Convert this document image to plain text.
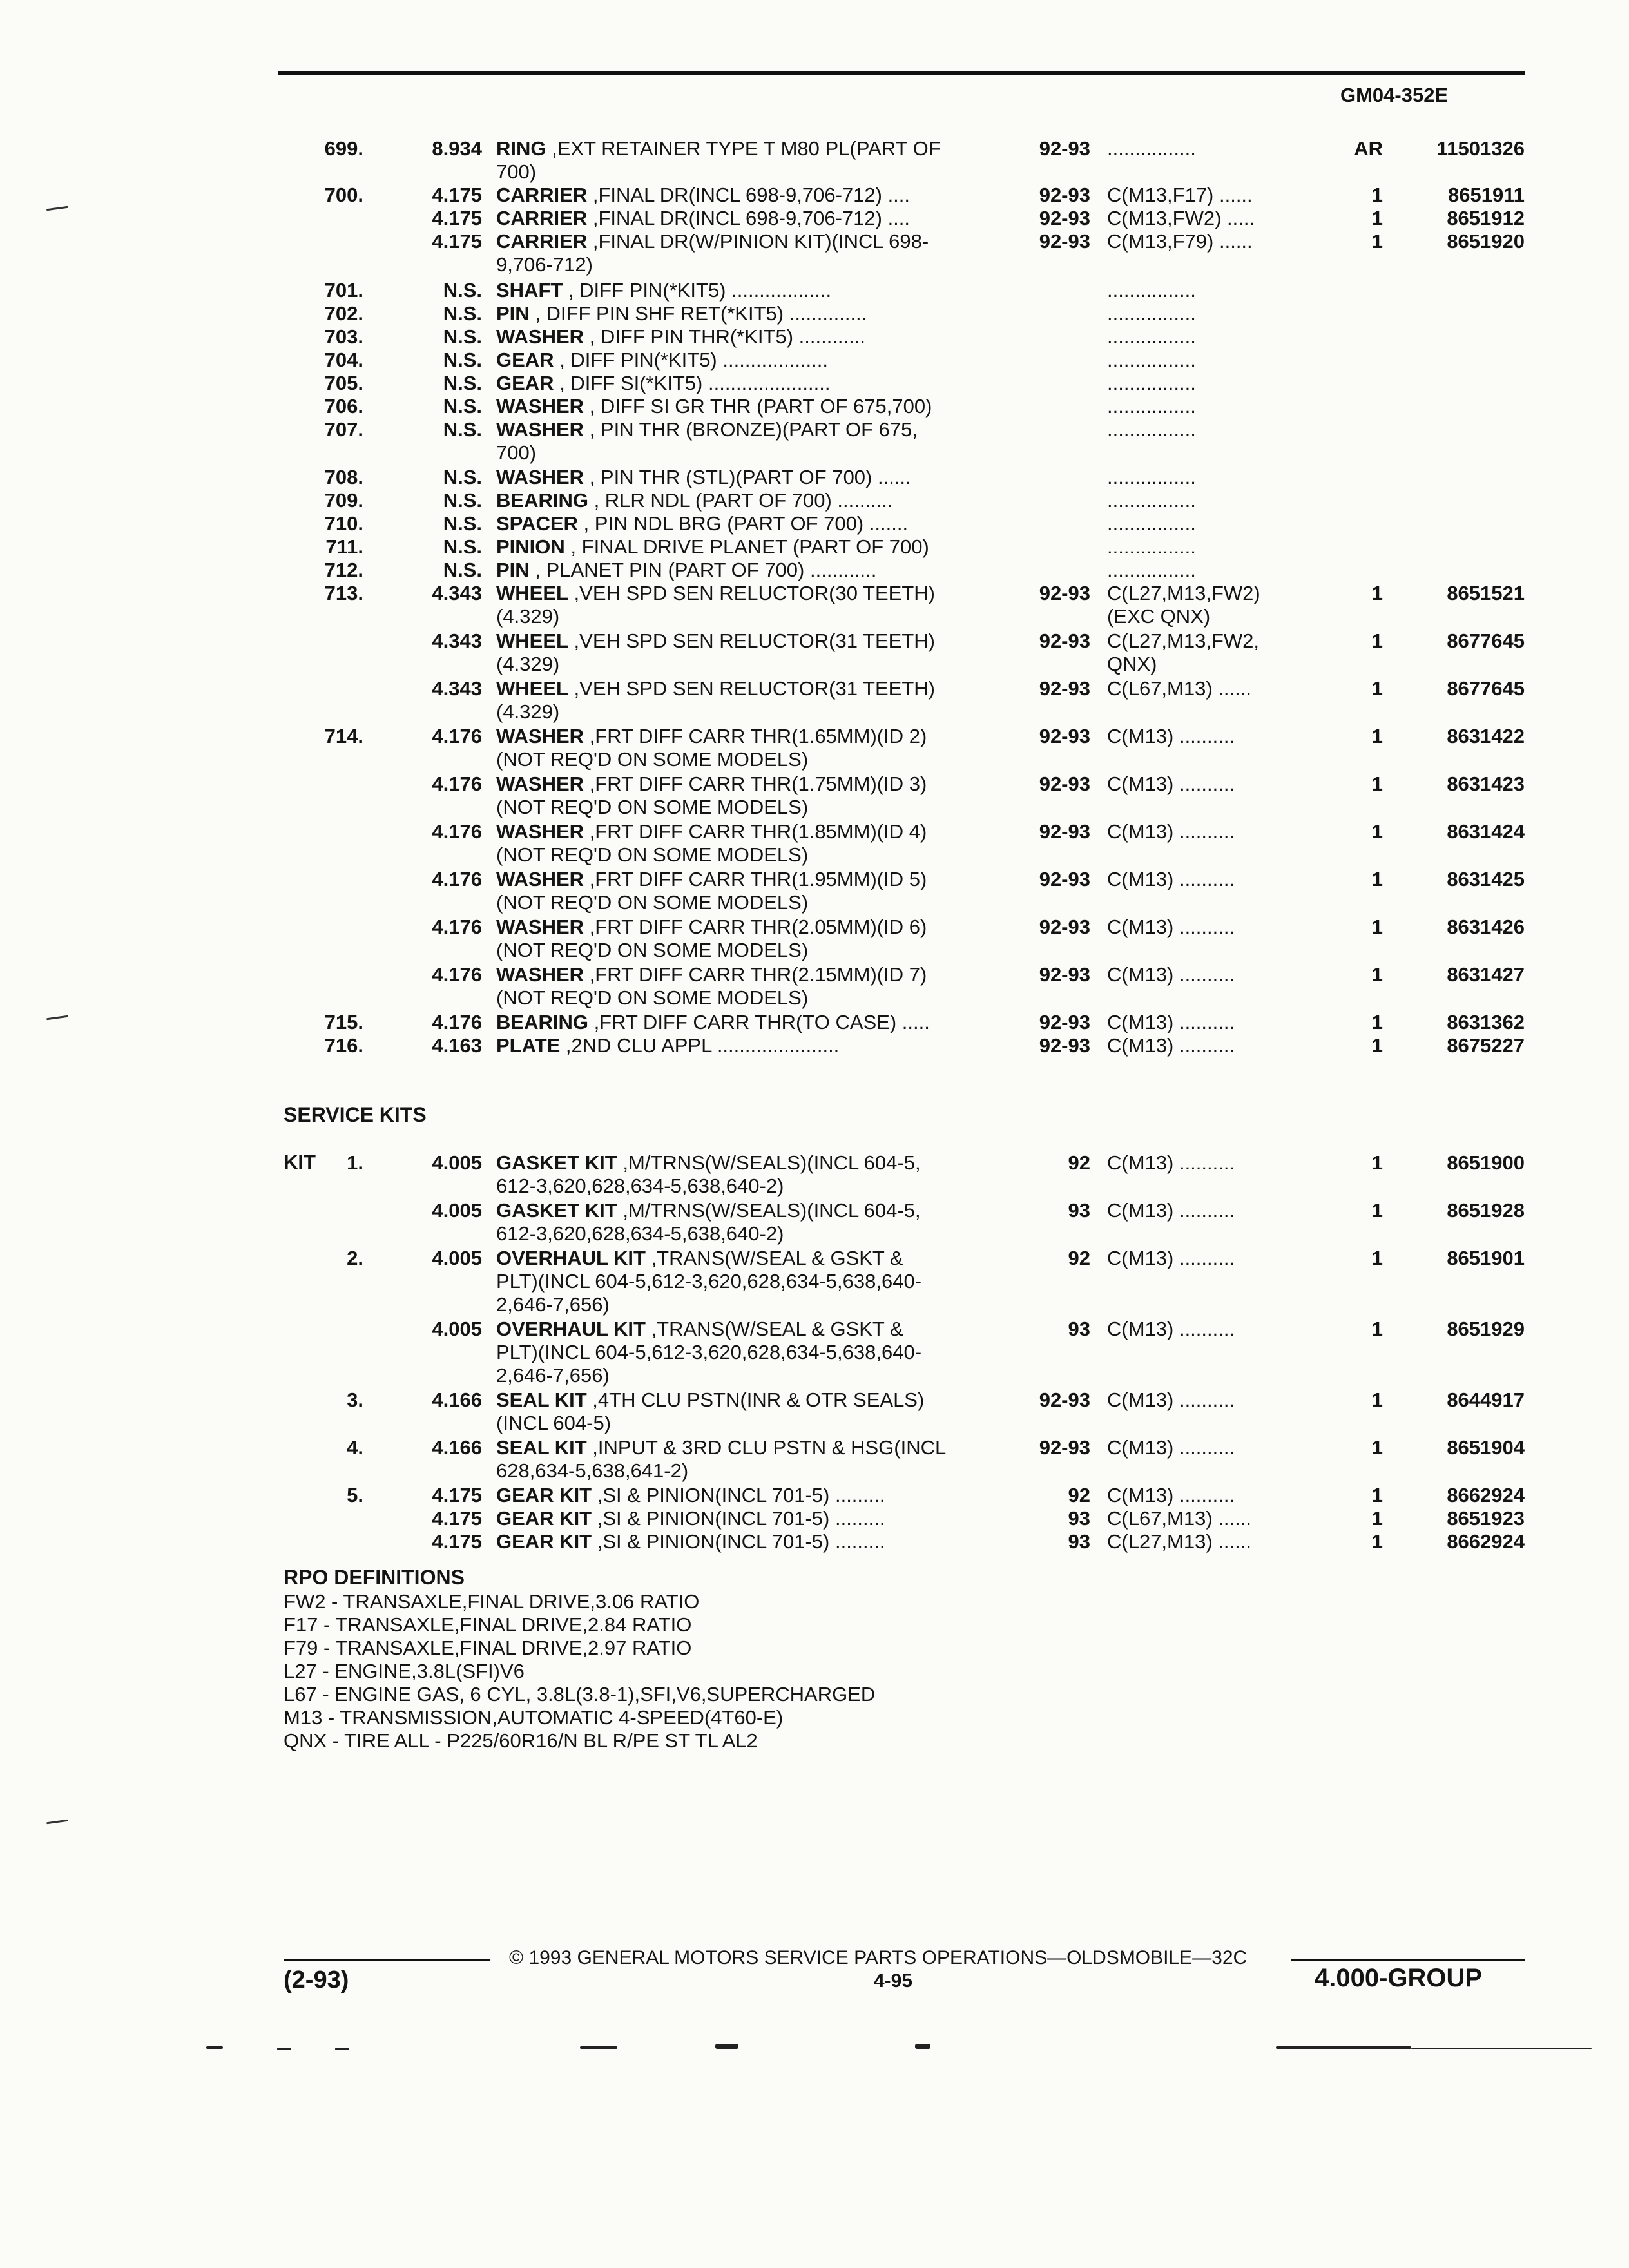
GM04-352E
699.	8.934 RING ,EXT RETAINER TYPE T M80 PL(PART OF	92-93 ................	AR	11501326
700)
700.	4.175 CARRIER ,FINAL DR(INCL 698-9,706-712) ....	92-93 C(M13,F17) ......	1	8651911
4.175 CARRIER ,FINAL DR(INCL 698-9,706-712) ....	92-93 C(M13,FW2) .....	1	8651912
4.175 CARRIER ,FINAL DR(W/PINION KIT)(INCL 698-	92-93 C(M13,F79) ......	1	8651920
9,706-712)
701.	N.S. SHAFT , DIFF PIN(*KIT5) ..................	................
702.	N.S. PIN , DIFF PIN SHF RET(*KIT5) ..............	................
703.	N.S. WASHER , DIFF PIN THR(*KIT5) ............	................
704.	N.S. GEAR , DIFF PIN(*KIT5) ...................	................
705.	N.S. GEAR , DIFF SI(*KIT5) ......................	................
706.	N.S. WASHER , DIFF SI GR THR (PART OF 675,700)	................
707.	N.S. WASHER , PIN THR (BRONZE)(PART OF 675,	................
700)
708.	N.S. WASHER , PIN THR (STL)(PART OF 700) ......	................
709.	N.S. BEARING , RLR NDL (PART OF 700) ..........	................
710.	N.S. SPACER , PIN NDL BRG (PART OF 700) .......	................
711.	N.S. PINION , FINAL DRIVE PLANET (PART OF 700)	................
712.	N.S. PIN , PLANET PIN (PART OF 700) ............	................
713.	4.343 WHEEL ,VEH SPD SEN RELUCTOR(30 TEETH)	92-93 C(L27,M13,FW2)	1	8651521
(4.329)	(EXC QNX)
4.343 WHEEL ,VEH SPD SEN RELUCTOR(31 TEETH)	92-93 C(L27,M13,FW2,	1	8677645
(4.329)	QNX)
4.343 WHEEL ,VEH SPD SEN RELUCTOR(31 TEETH)	92-93 C(L67,M13) ......	1	8677645
(4.329)
714.	4.176 WASHER ,FRT DIFF CARR THR(1.65MM)(ID 2)	92-93 C(M13) ..........	1	8631422
(NOT REQ'D ON SOME MODELS)
4.176 WASHER ,FRT DIFF CARR THR(1.75MM)(ID 3)	92-93 C(M13) ..........	1	8631423
(NOT REQ'D ON SOME MODELS)
4.176 WASHER ,FRT DIFF CARR THR(1.85MM)(ID 4)	92-93 C(M13) ..........	1	8631424
(NOT REQ'D ON SOME MODELS)
4.176 WASHER ,FRT DIFF CARR THR(1.95MM)(ID 5)	92-93 C(M13) ..........	1	8631425
(NOT REQ'D ON SOME MODELS)
4.176 WASHER ,FRT DIFF CARR THR(2.05MM)(ID 6)	92-93 C(M13) ..........	1	8631426
(NOT REQ'D ON SOME MODELS)
4.176 WASHER ,FRT DIFF CARR THR(2.15MM)(ID 7)	92-93 C(M13) ..........	1	8631427
(NOT REQ'D ON SOME MODELS)
715.	4.176 BEARING ,FRT DIFF CARR THR(TO CASE) .....	92-93 C(M13) ..........	1	8631362
716.	4.163 PLATE ,2ND CLU APPL ......................	92-93 C(M13) ..........	1	8675227
SERVICE KITS
KIT	1.	4.005 GASKET KIT ,M/TRNS(W/SEALS)(INCL 604-5,	92 C(M13) ..........	1	8651900
612-3,620,628,634-5,638,640-2)
4.005 GASKET KIT ,M/TRNS(W/SEALS)(INCL 604-5,	93 C(M13) ..........	1	8651928
612-3,620,628,634-5,638,640-2)
2.	4.005 OVERHAUL KIT ,TRANS(W/SEAL & GSKT &	92 C(M13) ..........	1	8651901
PLT)(INCL 604-5,612-3,620,628,634-5,638,640-
2,646-7,656)
4.005 OVERHAUL KIT ,TRANS(W/SEAL & GSKT &	93 C(M13) ..........	1	8651929
PLT)(INCL 604-5,612-3,620,628,634-5,638,640-
2,646-7,656)
3.	4.166 SEAL KIT ,4TH CLU PSTN(INR & OTR SEALS)	92-93 C(M13) ..........	1	8644917
(INCL 604-5)
4.	4.166 SEAL KIT ,INPUT & 3RD CLU PSTN & HSG(INCL	92-93 C(M13) ..........	1	8651904
628,634-5,638,641-2)
5.	4.175 GEAR KIT ,SI & PINION(INCL 701-5) .........	92 C(M13) ..........	1	8662924
4.175 GEAR KIT ,SI & PINION(INCL 701-5) .........	93 C(L67,M13) ......	1	8651923
4.175 GEAR KIT ,SI & PINION(INCL 701-5) .........	93 C(L27,M13) ......	1	8662924
RPO DEFINITIONS
FW2 - TRANSAXLE,FINAL DRIVE,3.06 RATIO
F17 - TRANSAXLE,FINAL DRIVE,2.84 RATIO
F79 - TRANSAXLE,FINAL DRIVE,2.97 RATIO
L27 - ENGINE,3.8L(SFI)V6
L67 - ENGINE GAS, 6 CYL, 3.8L(3.8-1),SFI,V6,SUPERCHARGED
M13 - TRANSMISSION,AUTOMATIC 4-SPEED(4T60-E)
QNX - TIRE ALL - P225/60R16/N BL R/PE ST TL AL2
© 1993 GENERAL MOTORS SERVICE PARTS OPERATIONS—OLDSMOBILE—32C
(2-93)	4-95	4.000-GROUP
